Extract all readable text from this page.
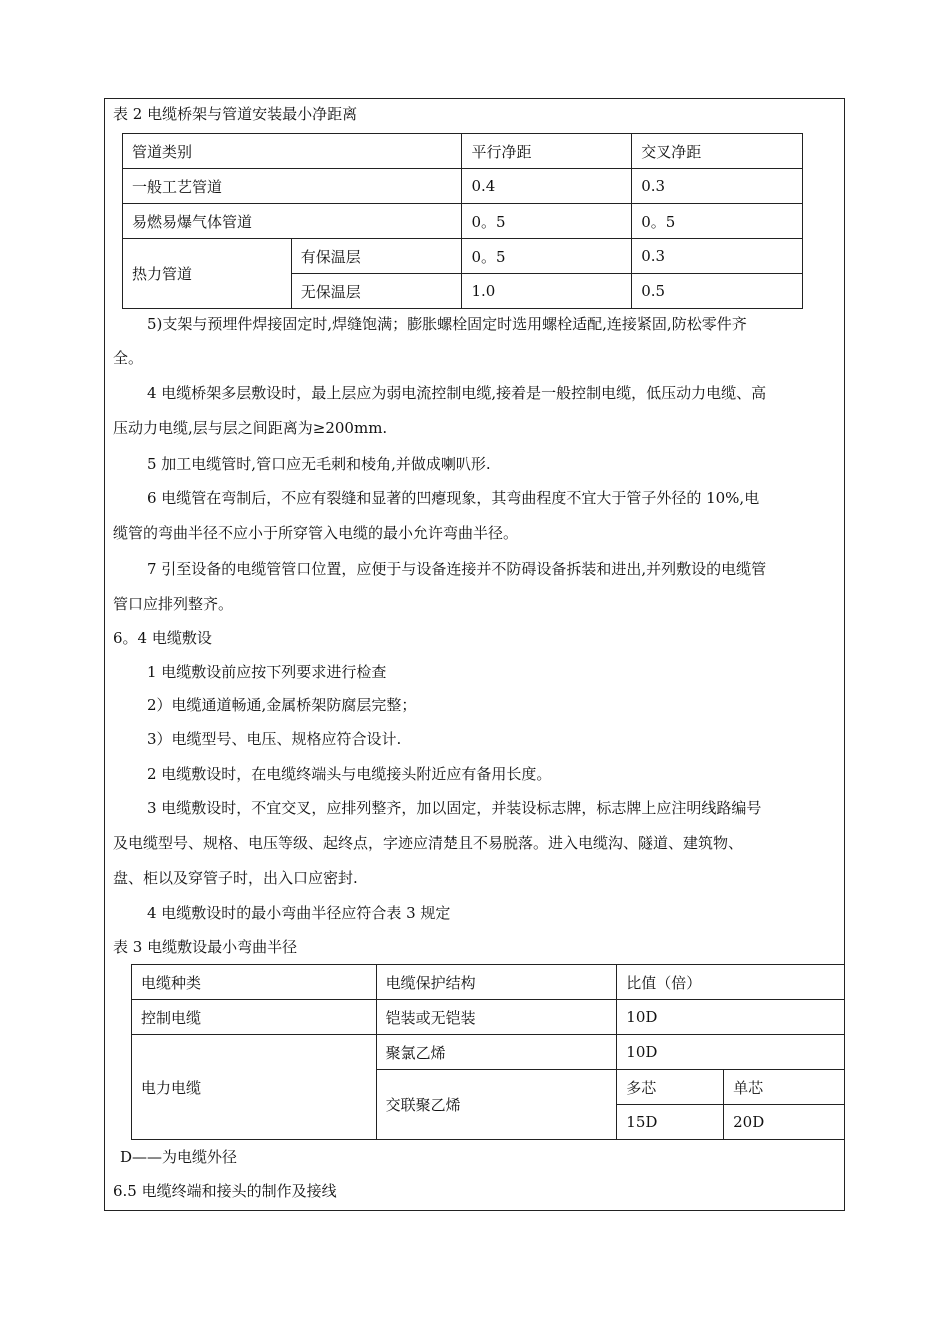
表 2 电缆桥架与管道安装最小净距离
管道类别		平行净距	交叉净距
一般工艺管道		0.4	0.3
易燃易爆气体管道		0。5	0。5
热力管道	有保温层	0。5	0.3
	无保温层	1.0	0.5
5)支架与预埋件焊接固定时,焊缝饱满；膨胀螺栓固定时选用螺栓适配,连接紧固,防松零件齐
全。
4 电缆桥架多层敷设时，最上层应为弱电流控制电缆,接着是一般控制电缆，低压动力电缆、高
压动力电缆,层与层之间距离为≥200mm.
5 加工电缆管时,管口应无毛刺和棱角,并做成喇叭形.
6 电缆管在弯制后，不应有裂缝和显著的凹瘪现象，其弯曲程度不宜大于管子外径的 10%,电
缆管的弯曲半径不应小于所穿管入电缆的最小允许弯曲半径。
7 引至设备的电缆管管口位置，应便于与设备连接并不防碍设备拆装和进出,并列敷设的电缆管
管口应排列整齐。
6。4 电缆敷设
1 电缆敷设前应按下列要求进行检查
2）电缆通道畅通,金属桥架防腐层完整；
3）电缆型号、电压、规格应符合设计.
2 电缆敷设时，在电缆终端头与电缆接头附近应有备用长度。
3 电缆敷设时，不宜交叉，应排列整齐，加以固定，并装设标志牌，标志牌上应注明线路编号
及电缆型号、规格、电压等级、起终点，字迹应清楚且不易脱落。进入电缆沟、隧道、建筑物、
盘、柜以及穿管子时，出入口应密封.
4 电缆敷设时的最小弯曲半径应符合表 3 规定
表 3 电缆敷设最小弯曲半径
电缆种类	电缆保护结构	比值（倍）	
控制电缆	铠装或无铠装	10D	
电力电缆	聚氯乙烯	10D	
	交联聚乙烯	多芯	单芯
		15D	20D
D——为电缆外径
6.5 电缆终端和接头的制作及接线
